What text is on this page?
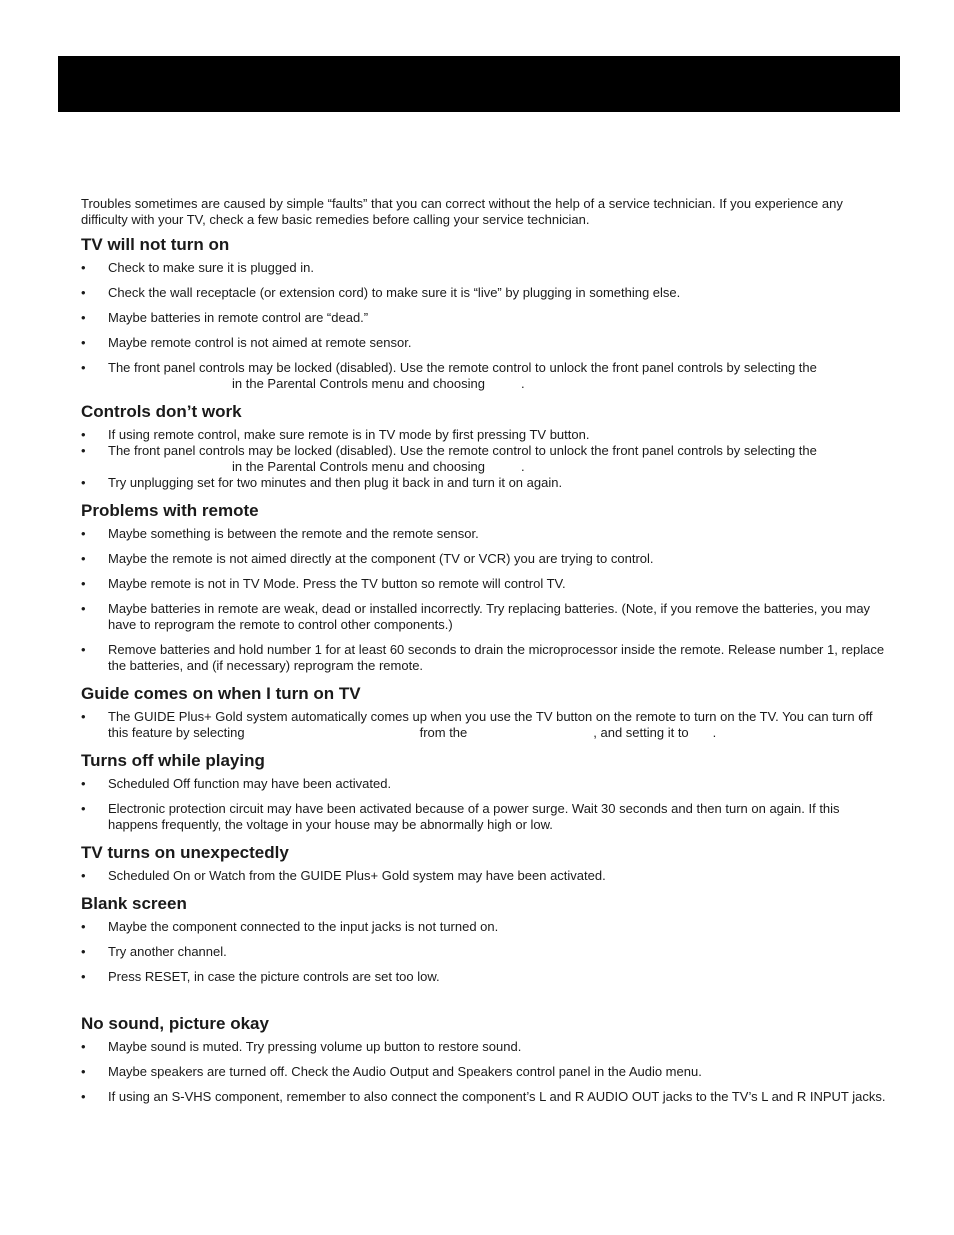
Troubles sometimes are caused by simple “faults” that you can correct without the help of a service technician. If you experience any difficulty with your TV, check a few basic remedies before calling your service technician.

TV will not turn on
• Check to make sure it is plugged in.
• Check the wall receptacle (or extension cord) to make sure it is “live” by plugging in something else.
• Maybe batteries in remote control are “dead.”
• Maybe remote control is not aimed at remote sensor.
• The front panel controls may be locked (disabled). Use the remote control to unlock the front panel controls by selecting thein the Parental Controls menu and choosing	.
Controls don’t work
• If using remote control, make sure remote is in TV mode by first pressing TV button.
• The front panel controls may be locked (disabled). Use the remote control to unlock the front panel controls by selecting thein the Parental Controls menu and choosing	.
• Try unplugging set for two minutes and then plug it back in and turn it on again.
Problems with remote
• Maybe something is between the remote and the remote sensor.
• Maybe the remote is not aimed directly at the component (TV or VCR) you are trying to control.
• Maybe remote is not in TV Mode. Press the TV button so remote will control TV.
• Maybe batteries in remote are weak, dead or installed incorrectly. Try replacing batteries. (Note, if you remove the batteries, you may have to reprogram the remote to control other components.)
• Remove batteries and hold number 1 for at least 60 seconds to drain the microprocessor inside the remote. Release number 1, replace the batteries, and (if necessary) reprogram the remote.
Guide comes on when I turn on TV
• The GUIDE Plus+ Gold system automatically comes up when you use the TV button on the remote to turn on the TV. You can turn off this feature by selecting	from the	, and setting it to .
Turns off while playing
• Scheduled Off function may have been activated.
• Electronic protection circuit may have been activated because of a power surge. Wait 30 seconds and then turn on again. If this happens frequently, the voltage in your house may be abnormally high or low.
TV turns on unexpectedly
• Scheduled On or Watch from the GUIDE Plus+ Gold system may have been activated.
Blank screen
• Maybe the component connected to the input jacks is not turned on.
• Try another channel.
• Press RESET, in case the picture controls are set too low.
No sound, picture okay
• Maybe sound is muted. Try pressing volume up button to restore sound.
• Maybe speakers are turned off. Check the Audio Output and Speakers control panel in the Audio menu.
• If using an S-VHS component, remember to also connect the component’s L and R AUDIO OUT jacks to the TV’s L and R INPUT jacks.
